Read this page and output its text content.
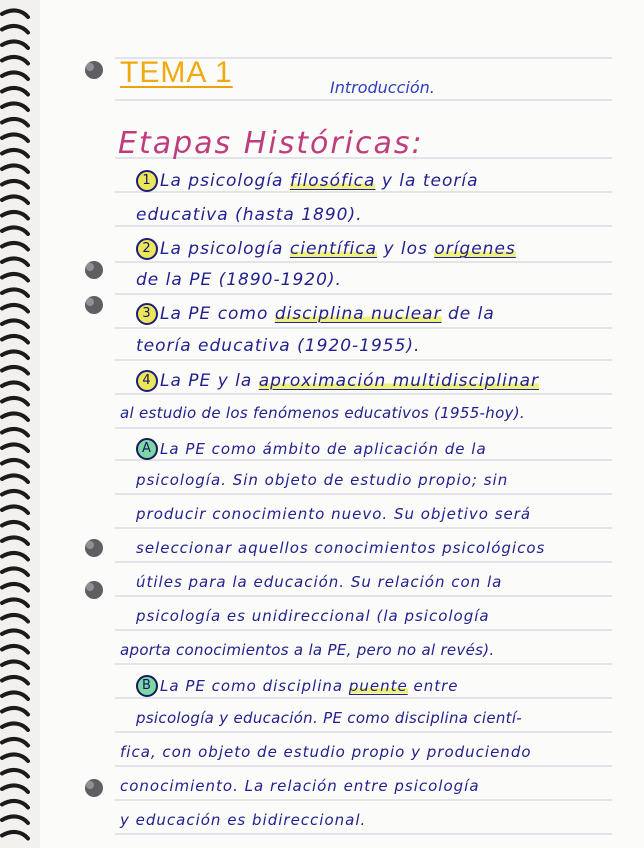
TEMA 1	Introducción.
Etapas Históricas:
1 La psicología filosófica y la teoría
educativa (hasta 1890).
2 La psicología científica y los orígenes
de la PE (1890-1920).
3 La PE como disciplina nuclear de la
teoría educativa (1920-1955).
4 La PE y la aproximación multidisciplinar
al estudio de los fenómenos educativos (1955-hoy).
A La PE como ámbito de aplicación de la
psicología. Sin objeto de estudio propio; sin
producir conocimiento nuevo. Su objetivo será
seleccionar aquellos conocimientos psicológicos
útiles para la educación. Su relación con la
psicología es unidireccional (la psicología
aporta conocimientos a la PE, pero no al revés).
B La PE como disciplina puente entre
psicología y educación. PE como disciplina cientí-
fica, con objeto de estudio propio y produciendo
conocimiento. La relación entre psicología
y educación es bidireccional.
